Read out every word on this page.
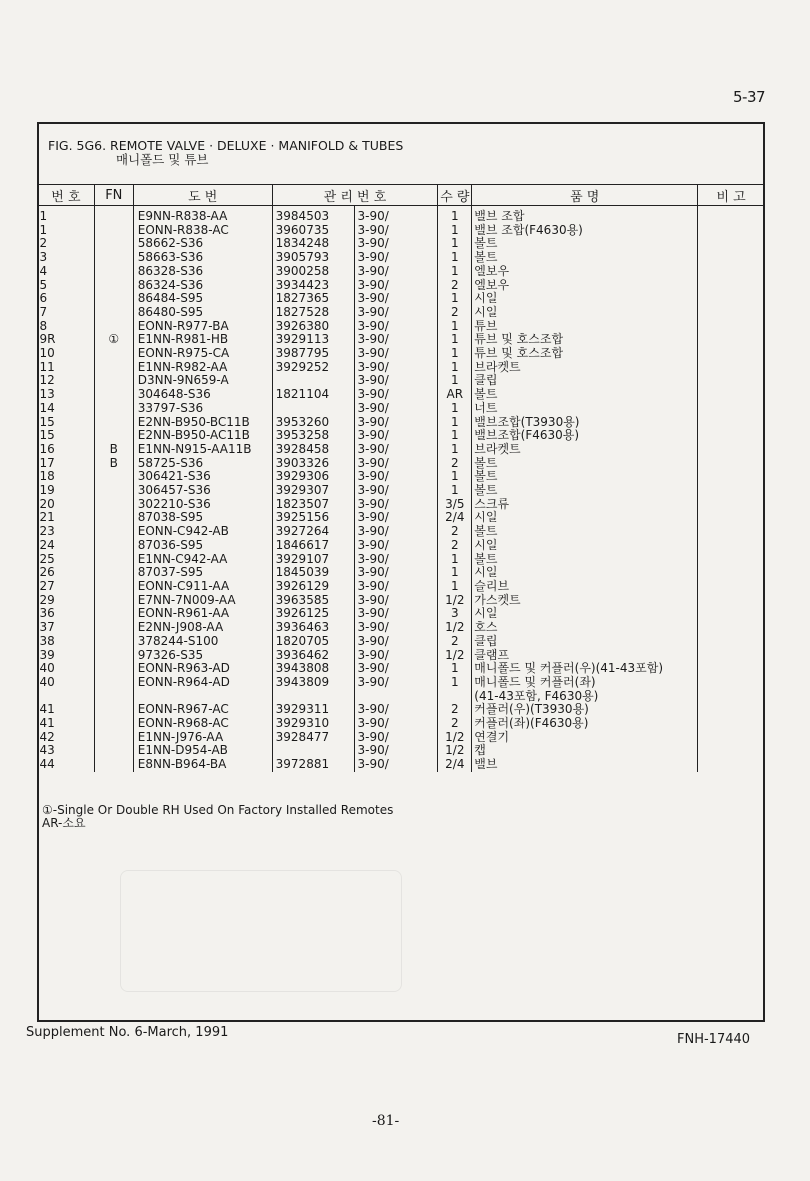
5-37
FIG. 5G6. REMOTE VALVE · DELUXE · MANIFOLD & TUBES
매니폴드 및 튜브
번 호	FN	도 번	관 리 번 호		수 량	품 명	비 고

1		E9NN-R838-AA	3984503	3-90/	1	밸브 조합	
1		EONN-R838-AC	3960735	3-90/	1	밸브 조합(F4630용)	
2		58662-S36	1834248	3-90/	1	볼트	
3		58663-S36	3905793	3-90/	1	볼트	
4		86328-S36	3900258	3-90/	1	엘보우	
5		86324-S36	3934423	3-90/	2	엘보우	
6		86484-S95	1827365	3-90/	1	시일	
7		86480-S95	1827528	3-90/	2	시일	
8		EONN-R977-BA	3926380	3-90/	1	튜브	
9R	①	E1NN-R981-HB	3929113	3-90/	1	튜브 및 호스조합	
10		EONN-R975-CA	3987795	3-90/	1	튜브 및 호스조합	
11		E1NN-R982-AA	3929252	3-90/	1	브라켓트	
12		D3NN-9N659-A		3-90/	1	클립	
13		304648-S36	1821104	3-90/	AR	볼트	
14		33797-S36		3-90/	1	너트	
15		E2NN-B950-BC11B	3953260	3-90/	1	밸브조합(T3930용)	
15		E2NN-B950-AC11B	3953258	3-90/	1	밸브조합(F4630용)	
16	B	E1NN-N915-AA11B	3928458	3-90/	1	브라켓트	
17	B	58725-S36	3903326	3-90/	2	볼트	
18		306421-S36	3929306	3-90/	1	볼트	
19		306457-S36	3929307	3-90/	1	볼트	
20		302210-S36	1823507	3-90/	3/5	스크류	
21		87038-S95	3925156	3-90/	2/4	시일	
23		EONN-C942-AB	3927264	3-90/	2	볼트	
24		87036-S95	1846617	3-90/	2	시일	
25		E1NN-C942-AA	3929107	3-90/	1	볼트	
26		87037-S95	1845039	3-90/	1	시일	
27		EONN-C911-AA	3926129	3-90/	1	슬리브	
29		E7NN-7N009-AA	3963585	3-90/	1/2	가스켓트	
36		EONN-R961-AA	3926125	3-90/	3	시일	
37		E2NN-J908-AA	3936463	3-90/	1/2	호스	
38		378244-S100	1820705	3-90/	2	클립	
39		97326-S35	3936462	3-90/	1/2	클램프	
40		EONN-R963-AD	3943808	3-90/	1	매니폴드 및 커플러(우)(41-43포함)	
40		EONN-R964-AD	3943809	3-90/	1	매니폴드 및 커플러(좌)	
						(41-43포함, F4630용)	
41		EONN-R967-AC	3929311	3-90/	2	커플러(우)(T3930용)	
41		EONN-R968-AC	3929310	3-90/	2	커플러(좌)(F4630용)	
42		E1NN-J976-AA	3928477	3-90/	1/2	연결기	
43		E1NN-D954-AB		3-90/	1/2	캡	
44		E8NN-B964-BA	3972881	3-90/	2/4	밸브	
①-Single Or Double RH Used On Factory Installed Remotes
AR-소요
Supplement No. 6-March, 1991	FNH-17440
-81-
